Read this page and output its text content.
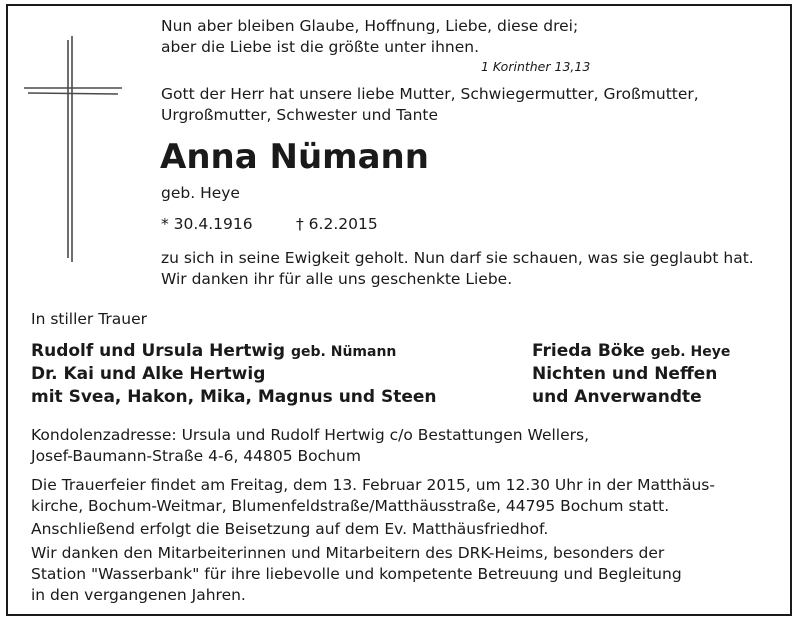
Nun aber bleiben Glaube, Hoffnung, Liebe, diese drei;
aber die Liebe ist die größte unter ihnen.
1 Korinther 13,13
Gott der Herr hat unsere liebe Mutter, Schwiegermutter, Großmutter,
Urgroßmutter, Schwester und Tante
Anna Nümann
geb. Heye
* 30.4.1916	† 6.2.2015
zu sich in seine Ewigkeit geholt. Nun darf sie schauen, was sie geglaubt hat.
Wir danken ihr für alle uns geschenkte Liebe.
In stiller Trauer
Rudolf und Ursula Hertwig geb. Nümann
Dr. Kai und Alke Hertwig
mit Svea, Hakon, Mika, Magnus und Steen
Frieda Böke geb. Heye
Nichten und Neffen
und Anverwandte
Kondolenzadresse: Ursula und Rudolf Hertwig c/o Bestattungen Wellers,
Josef-Baumann-Straße 4-6, 44805 Bochum
Die Trauerfeier findet am Freitag, dem 13. Februar 2015, um 12.30 Uhr in der Matthäus-
kirche, Bochum-Weitmar, Blumenfeldstraße/Matthäusstraße, 44795 Bochum statt.
Anschließend erfolgt die Beisetzung auf dem Ev. Matthäusfriedhof.
Wir danken den Mitarbeiterinnen und Mitarbeitern des DRK-Heims, besonders der
Station "Wasserbank" für ihre liebevolle und kompetente Betreuung und Begleitung
in den vergangenen Jahren.
